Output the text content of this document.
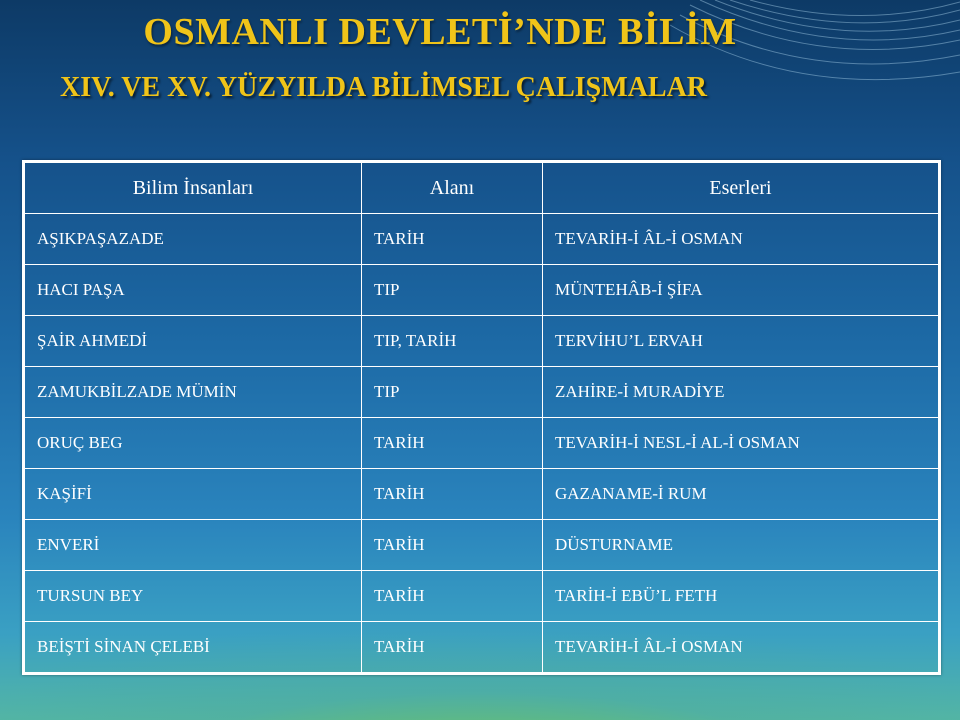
OSMANLI DEVLETİ’NDE BİLİM
XIV. VE XV. YÜZYILDA BİLİMSEL ÇALIŞMALAR
Bilim İnsanları	Alanı	Eserleri
AŞIKPAŞAZADE	TARİH	TEVARİH-İ ÂL-İ OSMAN
HACI PAŞA	TIP	MÜNTEHÂB-İ ŞİFA
ŞAİR AHMEDİ	TIP, TARİH	TERVİHU’L ERVAH
ZAMUKBİLZADE MÜMİN	TIP	ZAHİRE-İ MURADİYE
ORUÇ BEG	TARİH	TEVARİH-İ NESL-İ AL-İ OSMAN
KAŞİFİ	TARİH	GAZANAME-İ RUM
ENVERİ	TARİH	DÜSTURNAME
TURSUN BEY	TARİH	TARİH-İ EBÜ’L FETH
BEİŞTİ SİNAN ÇELEBİ	TARİH	TEVARİH-İ ÂL-İ OSMAN
